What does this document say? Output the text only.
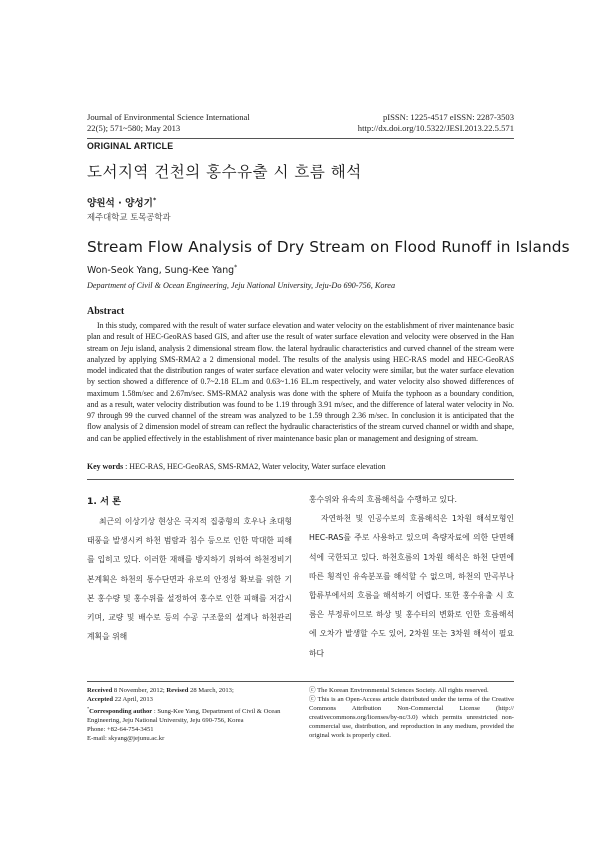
Journal of Environmental Science International
22(5); 571~580; May 2013
pISSN: 1225-4517 eISSN: 2287-3503
http://dx.doi.org/10.5322/JESI.2013.22.5.571
ORIGINAL ARTICLE
도서지역 건천의 홍수유출 시 흐름 해석
양원석 · 양성기*
제주대학교 토목공학과
Stream Flow Analysis of Dry Stream on Flood Runoff in Islands
Won-Seok Yang, Sung-Kee Yang*
Department of Civil & Ocean Engineering, Jeju National University, Jeju-Do 690-756, Korea
Abstract
In this study, compared with the result of water surface elevation and water velocity on the establishment of river maintenance basic plan and result of HEC-GeoRAS based GIS, and after use the result of water surface elevation and velocity were observed in the Han stream on Jeju island, analysis 2 dimensional stream flow. the lateral hydraulic characteristics and curved channel of the stream were analyzed by applying SMS-RMA2 a 2 dimensional model. The results of the analysis using HEC-RAS model and HEC-GeoRAS model indicated that the distribution ranges of water surface elevation and water velocity were similar, but the water surface elevation by section showed a difference of 0.7~2.18 EL.m and 0.63~1.16 EL.m respectively, and water velocity also showed differences of maximum 1.58m/sec and 2.67m/sec. SMS-RMA2 analysis was done with the sphere of Muifa the typhoon as a boundary condition, and as a result, water velocity distribution was found to be 1.19 through 3.91 m/sec, and the difference of lateral water velocity in No. 97 through 99 the curved channel of the stream was analyzed to be 1.59 through 2.36 m/sec. In conclusion it is anticipated that the flow analysis of 2 dimension model of stream can reflect the hydraulic characteristics of the stream curved channel or width and shape, and can be applied effectively in the establishment of river maintenance basic plan or management and designing of stream.
Key words : HEC-RAS, HEC-GeoRAS, SMS-RMA2, Water velocity, Water surface elevation
1. 서 론

최근의 이상기상 현상은 국지적 집중형의 호우나 초대형 태풍을 발생시켜 하천 범람과 침수 등으로 인한 막대한 피해를 입히고 있다. 이러한 재해를 방지하기 위하여 하천정비기본계획은 하천의 통수단면과 유로의 안정성 확보를 위한 기본 홍수량 및 홍수위를 설정하여 홍수로 인한 피해를 저감시키며, 교량 및 배수로 등의 수공 구조물의 설계나 하천관리 계획을 위해

홍수위와 유속의 흐름해석을 수행하고 있다.

자연하천 및 인공수로의 흐름해석은 1차원 해석모형인 HEC-RAS를 주로 사용하고 있으며 측량자료에 의한 단면해석에 국한되고 있다. 하천흐름의 1차원 해석은 하천 단면에 따른 횡적인 유속분포를 해석할 수 없으며, 하천의 만곡부나 합류부에서의 흐름을 해석하기 어렵다. 또한 홍수유출 시 흐름은 부정류이므로 하상 및 홍수터의 변화로 인한 흐름해석에 오차가 발생할 수도 있어, 2차원 또는 3차원 해석이 필요하다

Received 8 November, 2012; Revised 28 March, 2013;
Accepted 22 April, 2013
*Corresponding author : Sung-Kee Yang, Department of Civil & Ocean Engineering, Jeju National University, Jeju 690-756, Korea
Phone: +82-64-754-3451
E-mail: skyang@jejunu.ac.kr
ⓒ The Korean Environmental Sciences Society. All rights reserved.
ⓒ This is an Open-Access article distributed under the terms of the Creative Commons Attribution Non-Commercial License (http:// creativecommons.org/licenses/by-nc/3.0) which permits unrestricted non-commercial use, distribution, and reproduction in any medium, provided the original work is properly cited.
